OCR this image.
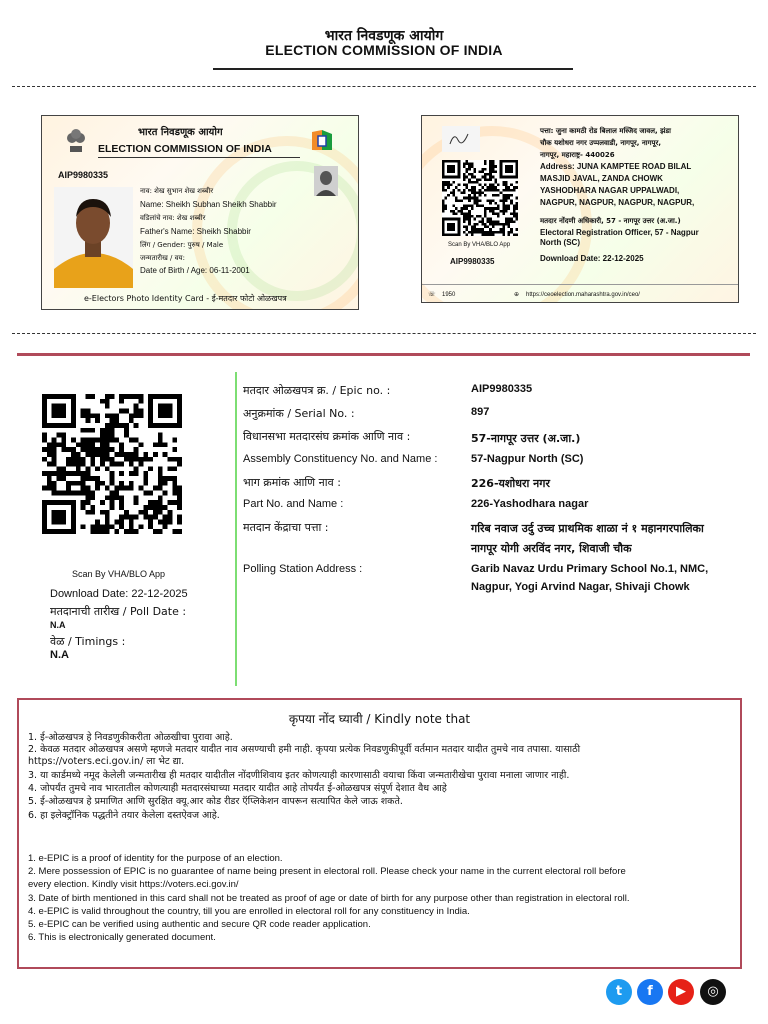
भारत निवडणूक आयोग
ELECTION COMMISSION OF INDIA
भारत निवडणूक आयोग
ELECTION COMMISSION OF INDIA
AIP9980335
नाव: शेख सुभान शेख शब्बीर
Name: Sheikh Subhan Sheikh Shabbir
वडिलांचे नाव: शेख शब्बीर
Father's Name: Sheikh Shabbir
लिंग / Gender: पुरुष / Male
जन्मतारीख / वय:
Date of Birth / Age: 06-11-2001
e-Electors Photo Identity Card - ई-मतदार फोटो ओळखपत्र
पत्ता: जुना कामठी रोड बिलाल मस्जिद जावल, झंडा
चौक यशोधरा नगर उप्पलवाडी, नागपूर, नागपूर,
नागपूर, महाराष्ट्र- 440026
Address: JUNA KAMPTEE ROAD BILAL
MASJID JAVAL, ZANDA CHOWK
YASHODHARA NAGAR UPPALWADI,
NAGPUR, NAGPUR, NAGPUR, NAGPUR,
मतदार नोंदणी अधिकारी, 57 - नागपूर उत्तर (अ.जा.)
Electoral Registration Officer, 57 - Nagpur
North (SC)
Download Date: 22-12-2025
Scan By VHA/BLO App
AIP9980335
☏ 1950	⊕ https://ceoelection.maharashtra.gov.in/ceo/
Scan By VHA/BLO App
Download Date: 22-12-2025
मतदानाची तारीख / Poll Date :
N.A
वेळ / Timings :
N.A
मतदार ओळखपत्र क्र. / Epic no. :	AIP9980335
अनुक्रमांक / Serial No. :	897
विधानसभा मतदारसंघ क्रमांक आणि नाव :	57-नागपूर उत्तर (अ.जा.)
Assembly Constituency No. and Name :	57-Nagpur North (SC)
भाग क्रमांक आणि नाव :	226-यशोधरा नगर
Part No. and Name :	226-Yashodhara nagar
मतदान केंद्राचा पत्ता :	गरिब नवाज उर्दु उच्च प्राथमिक शाळा नं १ महानगरपालिका
नागपूर योगी अरविंद नगर, शिवाजी चौक
Polling Station Address :	Garib Navaz Urdu Primary School No.1, NMC,
Nagpur, Yogi Arvind Nagar, Shivaji Chowk
कृपया नोंद घ्यावी / Kindly note that
1. ई-ओळखपत्र हे निवडणुकीकरीता ओळखीचा पुरावा आहे.
2. केवळ मतदार ओळखपत्र असणे म्हणजे मतदार यादीत नाव असण्याची हमी नाही. कृपया प्रत्येक निवडणुकीपूर्वी वर्तमान मतदार यादीत तुमचे नाव तपासा. यासाठी
https://voters.eci.gov.in/ ला भेट द्या.
3. या कार्डमध्ये नमूद केलेली जन्मतारीख ही मतदार यादीतील नोंदणीशिवाय इतर कोणत्याही कारणासाठी वयाचा किंवा जन्मतारीखेचा पुरावा मनाला जाणार नाही.
4. जोपर्यंत तुमचे नाव भारतातील कोणत्याही मतदारसंघाच्या मतदार यादीत आहे तोपर्यंत ई-ओळखपत्र संपूर्ण देशात वैध आहे
5. ई-ओळखपत्र हे प्रमाणित आणि सुरक्षित क्यू.आर कोड रीडर ऍप्लिकेशन वापरून सत्यापित केले जाऊ शकते.
6. हा इलेक्ट्रॉनिक पद्धतीने तयार केलेला दस्तऐवज आहे.
1. e-EPIC is a proof of identity for the purpose of an election.
2. Mere possession of EPIC is no guarantee of name being present in electoral roll. Please check your name in the current electoral roll before
every election. Kindly visit https://voters.eci.gov.in/
3. Date of birth mentioned in this card shall not be treated as proof of age or date of birth for any purpose other than registration in electoral roll.
4. e-EPIC is valid throughout the country, till you are enrolled in electoral roll for any constituency in India.
5. e-EPIC can be verified using authentic and secure QR code reader application.
6. This is electronically generated document.
t	f	▶	◎
